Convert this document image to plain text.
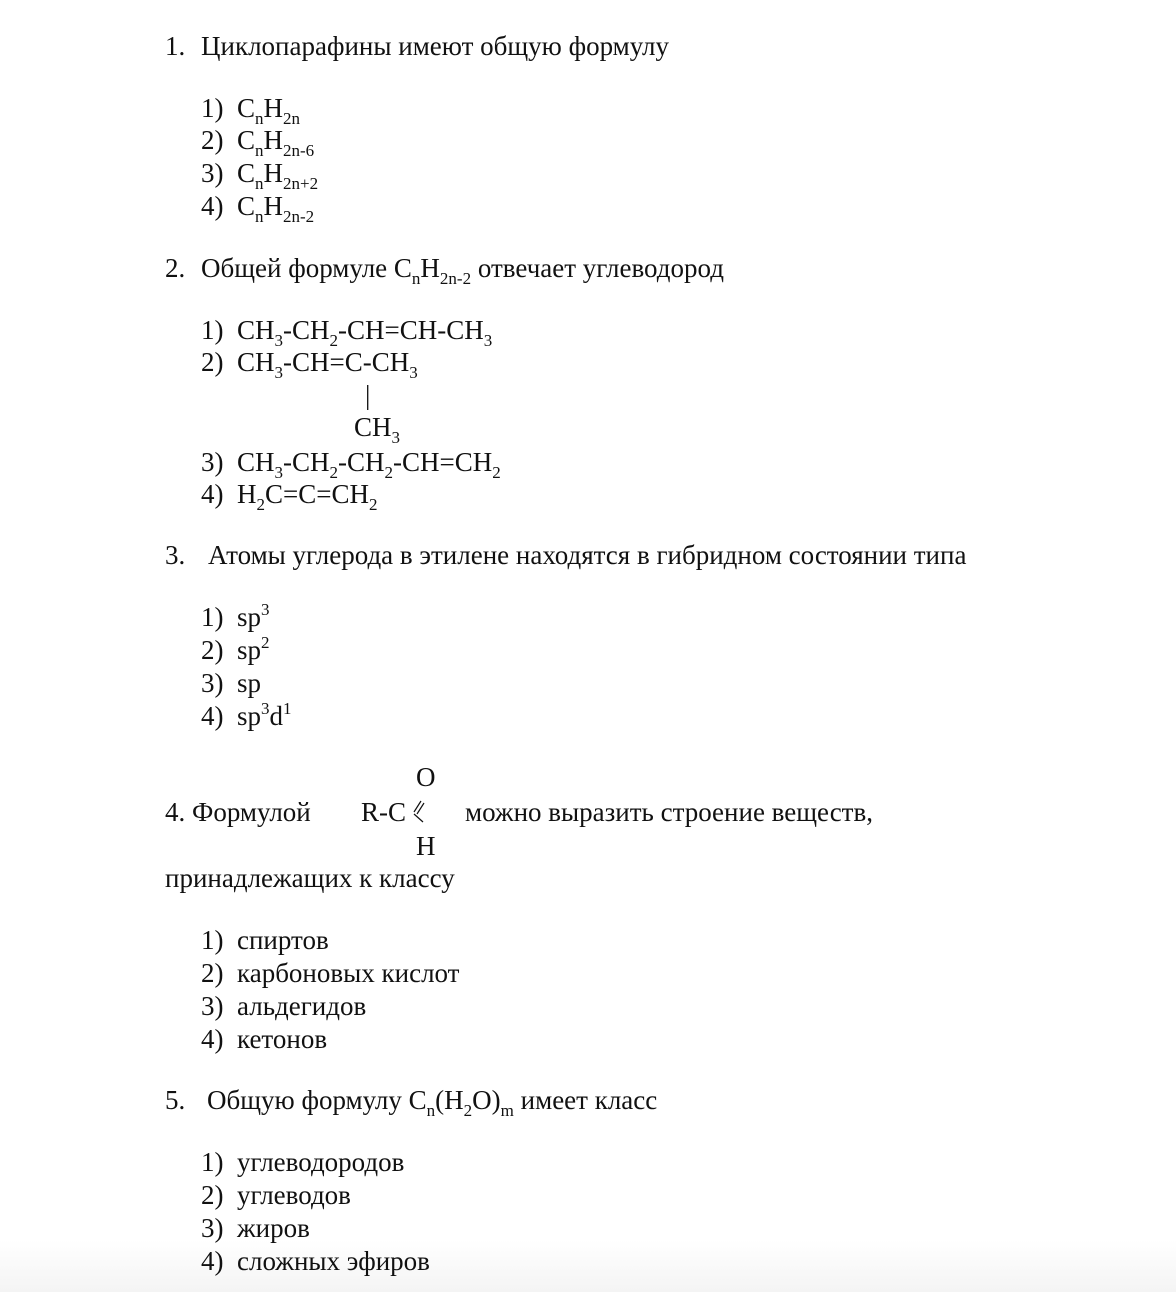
1. Циклопарафины имеют общую формулу
1) $C_nH_{2n}$
2) $C_nH_{2n-6}$
3) $C_nH_{2n+2}$
4) $C_nH_{2n-2}$
2. Общей формуле $C_nH_{2n-2}$ отвечает углеводород
1) $CH_3-CH_2-CH=CH-CH_3$
2) $CH_3-CH=C-CH_3$
|
$CH_3$
3) $CH_3-CH_2-CH_2-CH=CH_2$
4) $H_2C=C=CH_2$
3. Атомы углерода в этилене находятся в гибридном состоянии типа
1) $sp^3$
2) $sp^2$
3) sp
4) $sp^3d^1$
O
4. Формулой R-C можно выразить строение веществ,
H
принадлежащих к классу
1) спиртов
2) карбоновых кислот
3) альдегидов
4) кетонов
5. Общую формулу $C_n(H_2O)_m$ имеет класс
1) углеводородов
2) углеводов
3) жиров
4) сложных эфиров
